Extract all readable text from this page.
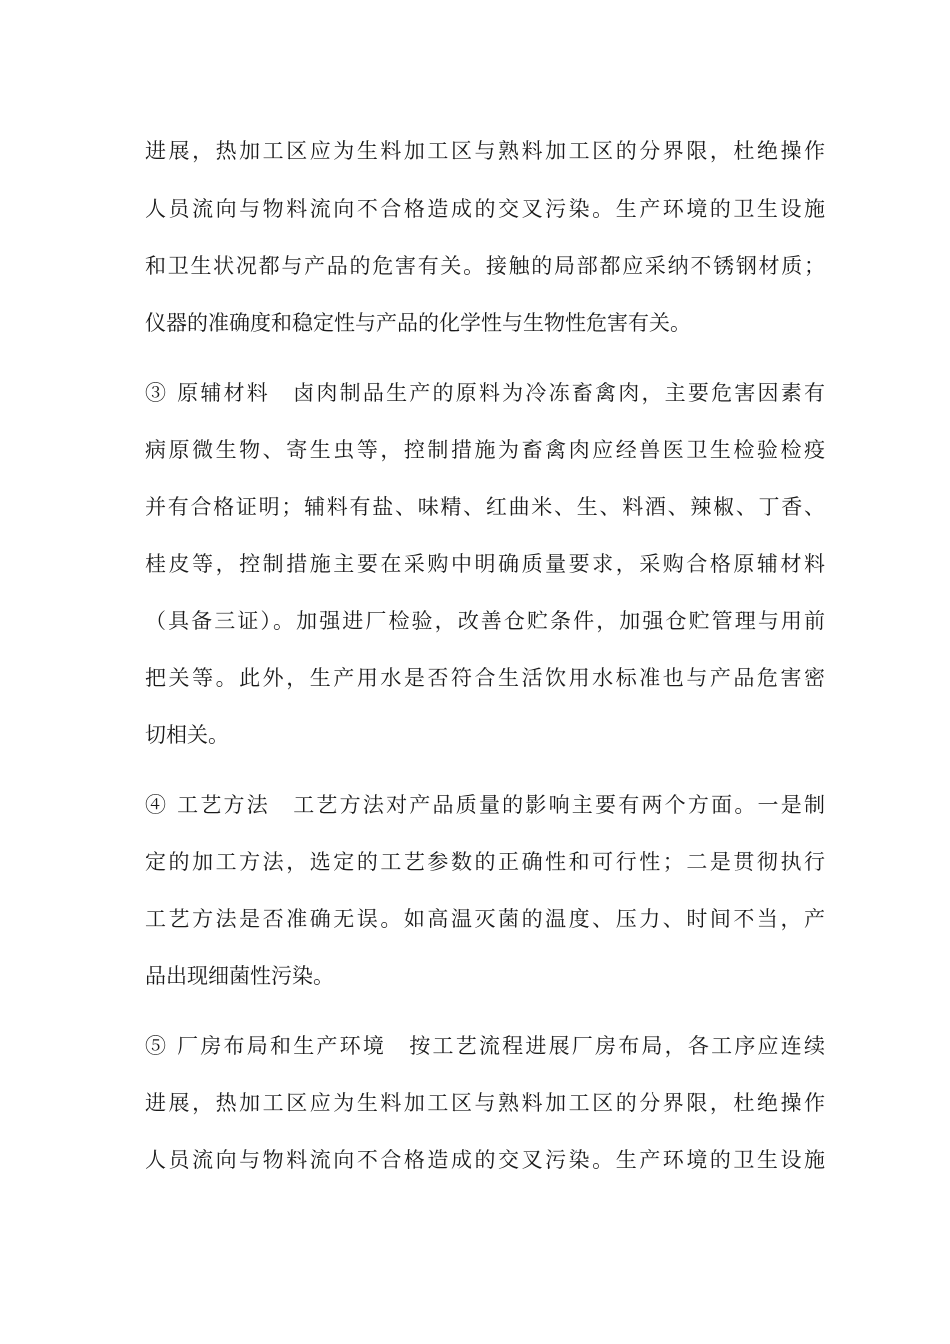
进展，热加工区应为生料加工区与熟料加工区的分界限，杜绝操作
人员流向与物料流向不合格造成的交叉污染。生产环境的卫生设施
和卫生状况都与产品的危害有关。接触的局部都应采纳不锈钢材质；
仪器的准确度和稳定性与产品的化学性与生物性危害有关。
③ 原辅材料　卤肉制品生产的原料为冷冻畜禽肉，主要危害因素有
病原微生物、寄生虫等，控制措施为畜禽肉应经兽医卫生检验检疫
并有合格证明；辅料有盐、味精、红曲米、生、料酒、辣椒、丁香、
桂皮等，控制措施主要在采购中明确质量要求，采购合格原辅材料
（具备三证）。加强进厂检验，改善仓贮条件，加强仓贮管理与用前
把关等。此外，生产用水是否符合生活饮用水标准也与产品危害密
切相关。
④ 工艺方法　工艺方法对产品质量的影响主要有两个方面。一是制
定的加工方法，选定的工艺参数的正确性和可行性；二是贯彻执行
工艺方法是否准确无误。如高温灭菌的温度、压力、时间不当，产
品出现细菌性污染。
⑤ 厂房布局和生产环境　按工艺流程进展厂房布局，各工序应连续
进展，热加工区应为生料加工区与熟料加工区的分界限，杜绝操作
人员流向与物料流向不合格造成的交叉污染。生产环境的卫生设施
